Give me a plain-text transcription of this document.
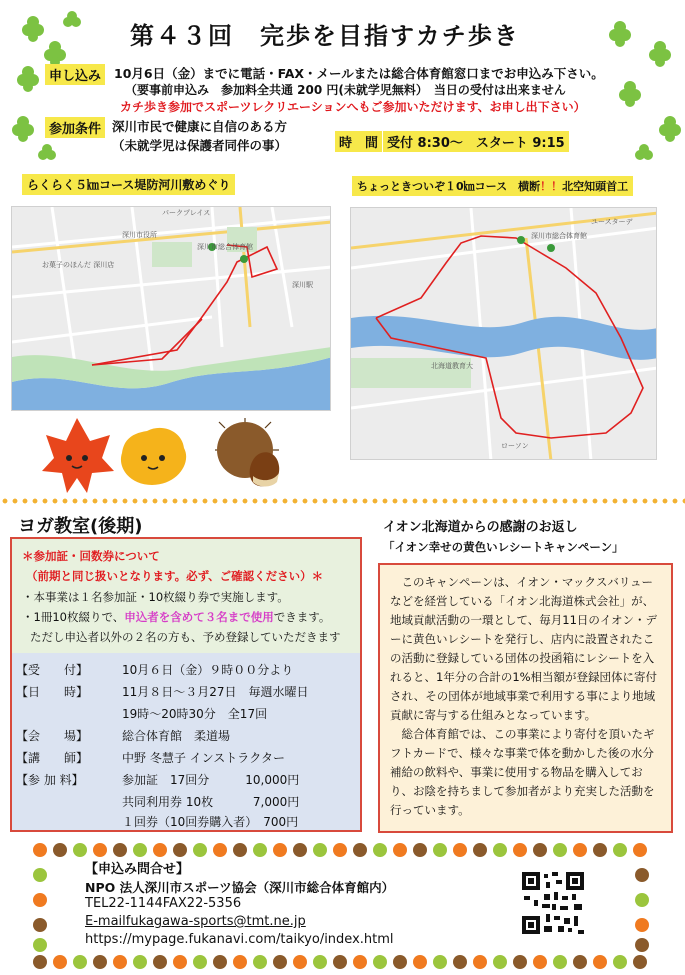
第４３回　完歩を目指すカチ歩き
申し込み	10月6日（金）までに電話・FAX・メールまたは総合体育館窓口までお申込み下さい。
（要事前申込み　参加料全共通 200 円(未就学児無料）　当日の受付は出来ません
カチ歩き参加でスポーツレクリエーションへもご参加いただけます、お申し出下さい）
参加条件 深川市民で健康に自信のある方
（未就学児は保護者同伴の事）	時　間 受付 8:30～　スタート 9:15
らくらく５㎞コース堤防河川敷めぐり	ちょっときついぞ１0㎞コース　横断！！北空知頭首工
パークプレイス
深川市総合体育館
お菓子のほんだ 深川店
深川市役所
深川駅
深川市総合体育館
ユースターデ
北海道教育大
ローソン
ヨガ教室(後期)
＊参加証・回数券について
（前期と同じ扱いとなります。必ず、ご確認ください）＊
・本事業は１名参加証・10枚綴り券で実施します。
・1冊10枚綴りで、申込者を含めて３名まで使用できます。
ただし申込者以外の２名の方も、予め登録していただきます
【受　　付】	10月６日（金）９時００分より
【日　　時】	11月８日～３月27日　毎週水曜日
19時～20時30分　全17回
【会　　場】	総合体育館　柔道場
【講　　師】	中野 冬慧子 インストラクター
【参 加 料】	参加証　17回分　　　10,000円
共同利用券 10枚　　　 7,000円
１回券（10回券購入者）　700円
イオン北海道からの感謝のお返し
「イオン幸せの黄色いレシートキャンペーン」

このキャンペーンは、イオン・マックスバリューなどを経営している「イオン北海道株式会社」が、地域貢献活動の一環として、毎月11日のイオン・デーに黄色いレシートを発行し、店内に設置されたこの活動に登録している団体の投函箱にレシートを入れると、1年分の合計の1%相当額が登録団体に寄付され、その団体が地域事業で利用する事により地域貢献に寄与する仕組みとなっています。

総合体育館では、この事業により寄付を頂いたギフトカードで、様々な事業で体を動かした後の水分補給の飲料や、事業に使用する物品を購入しており、お陰を持ちまして参加者がより充実した活動を行っています。

【申込み問合せ】
NPO 法人深川市スポーツ協会（深川市総合体育館内）
TEL22-1144FAX22-5356
E-mailfukagawa-sports@tmt.ne.jp
https://mypage.fukanavi.com/taikyo/index.html
